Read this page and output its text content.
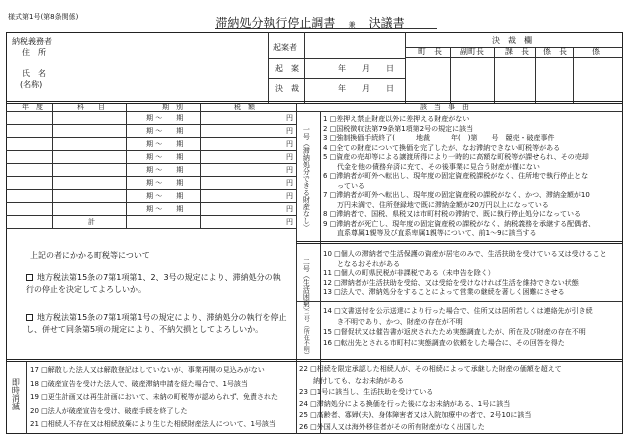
様式第1号(第8条関係)	滞納処分執行停止調書 兼 決議書
納税義務者
住　所
氏　名
(名称)
起案者
起　案	年　　月　　日
決　裁	年　　月　　日
決　裁　欄
町　長 副町長	課　長 係　長	係
年　度	科　　目	期　別	税　額	該　当　事　由
期 〜　　期	円
期 〜　　期	円
期 〜　　期	円
期 〜　　期	円
期 〜　　期	円
期 〜　　期	円
期 〜　　期	円
期 〜　　期	円
計	円
上記の者にかかる町税等について
地方税法第15条の7第1項第1、2、3号の規定により、滞納処分の執行の停止を決定してよろしいか。
地方税法第15条の7第1項第1号の規定により、滞納処分の執行を停止し、併せて同条第5項の規定により、不納欠損としてよろしいか。
一号（滞納処分できる財産なし）
1 □差押え禁止財産以外に差押える財産がない
2 □国税徴収法第79条第1項第2号の規定に該当
3 □強制換価手続終了(　　　地裁　　　年(　)第　　号　競売・破産事件
4 □全ての財産について換価を完了したが、なお滞納できない町税等がある
5 □資産の売却等による譲渡所得により一時的に高額な町税等が課せられ、その売却
　　代金を他の債務弁済に充て、その後事業に見合う財産が僅にない
6 □滞納者が町外へ転出し、現年度の固定資産税課税がなく、住所地で執行停止とな
　　っている
7 □滞納者が町外へ転出し、現年度の固定資産税の課税がなく、かつ、滞納金額が10
　　万円未満で、住所登録地で既に滞納金額が20万円以上になっている
8 □滞納者で、国税、県税又は市町村税の滞納で、既に執行停止処分になっている
9 □滞納者が死亡し、現年度の固定資産税の課税がなく、納税義務を承継する配偶者、
　　直系尊属1親等及び直系卑属1親等について、前1〜9に該当する
二号（生活困窮）
10 □個人の滞納者で生活保護の資産が居宅のみで、生活扶助を受けている又は受けること
　　となるおそれがある
11 □個人の町県民税が非課税である（未申告を除く）
12 □滞納者が生活扶助を受給、又は受給を受けなければ生活を維持できない状態
13 □法人で、滞納処分をすることによって営業の継続を著しく困難にさせる
三号（所在不明） 14 □文書送付を公示送達により行った場合で、住所又は居所若しくは連絡先が引き続
　　き不明であり、かつ、財産の存在が不明
15 □督促状又は催告書が返戻されたため実態調査したが、所在及び財産の存在不明
16 □転出先とされる市町村に実態調査の依頼をした場合に、その回答を得た
即時消滅
17 □解散した法人又は解散登記はしていないが、事業再開の見込みがない
18 □破産宣告を受けた法人で、破産滞納申請を経た場合で、1号該当
19 □更生計画又は再生計画において、未納の町税等が認められず、免責された
20 □法人が破産宣告を受け、破産手続を終了した
21 □相続人不存在又は相続放棄により生じた相続財産法人について、1号該当
22 □相続を限定承認した相続人が、その相続によって承継した財産の価額を超えて
　　納付しても、なお未納がある
23 □1号に該当し、生活扶助を受けている
24 □滞納処分による換価を行った後になお未納がある、1号に該当
25 □高齢者、寡婦(夫)、身体障害者又は入院加療中の者で、2号10に該当
26 □外国人又は海外移住者がその所有財産がなく出国した
